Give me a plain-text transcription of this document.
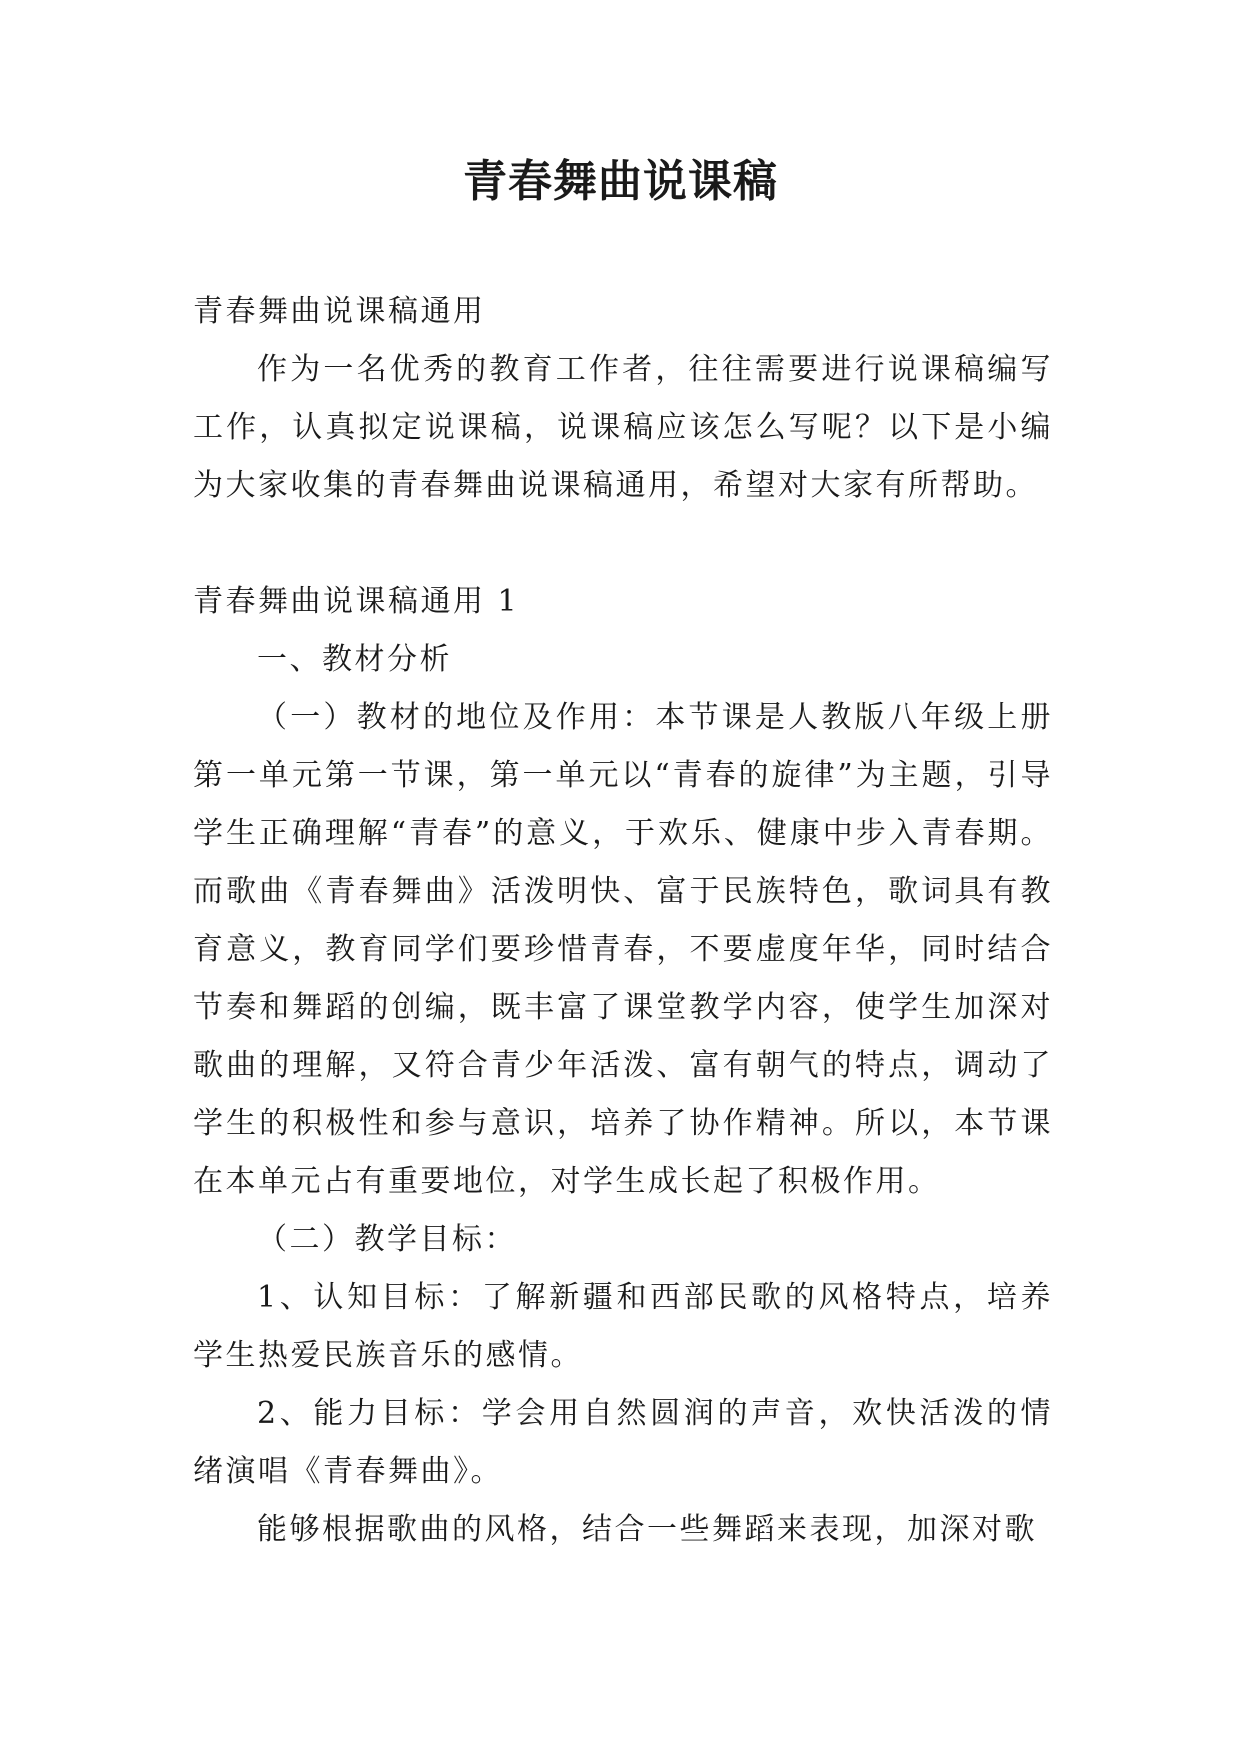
青春舞曲说课稿

青春舞曲说课稿通用

作为一名优秀的教育工作者，往往需要进行说课稿编写工作，认真拟定说课稿，说课稿应该怎么写呢？以下是小编为大家收集的青春舞曲说课稿通用，希望对大家有所帮助。

青春舞曲说课稿通用 1

一、教材分析

（一）教材的地位及作用：本节课是人教版八年级上册第一单元第一节课，第一单元以“青春的旋律”为主题，引导学生正确理解“青春”的意义，于欢乐、健康中步入青春期。而歌曲《青春舞曲》活泼明快、富于民族特色，歌词具有教育意义，教育同学们要珍惜青春，不要虚度年华，同时结合节奏和舞蹈的创编，既丰富了课堂教学内容，使学生加深对歌曲的理解，又符合青少年活泼、富有朝气的特点，调动了学生的积极性和参与意识，培养了协作精神。所以，本节课在本单元占有重要地位，对学生成长起了积极作用。

（二）教学目标：

1、认知目标：了解新疆和西部民歌的风格特点，培养学生热爱民族音乐的感情。

2、能力目标：学会用自然圆润的声音，欢快活泼的情绪演唱《青春舞曲》。

能够根据歌曲的风格，结合一些舞蹈来表现，加深对歌
